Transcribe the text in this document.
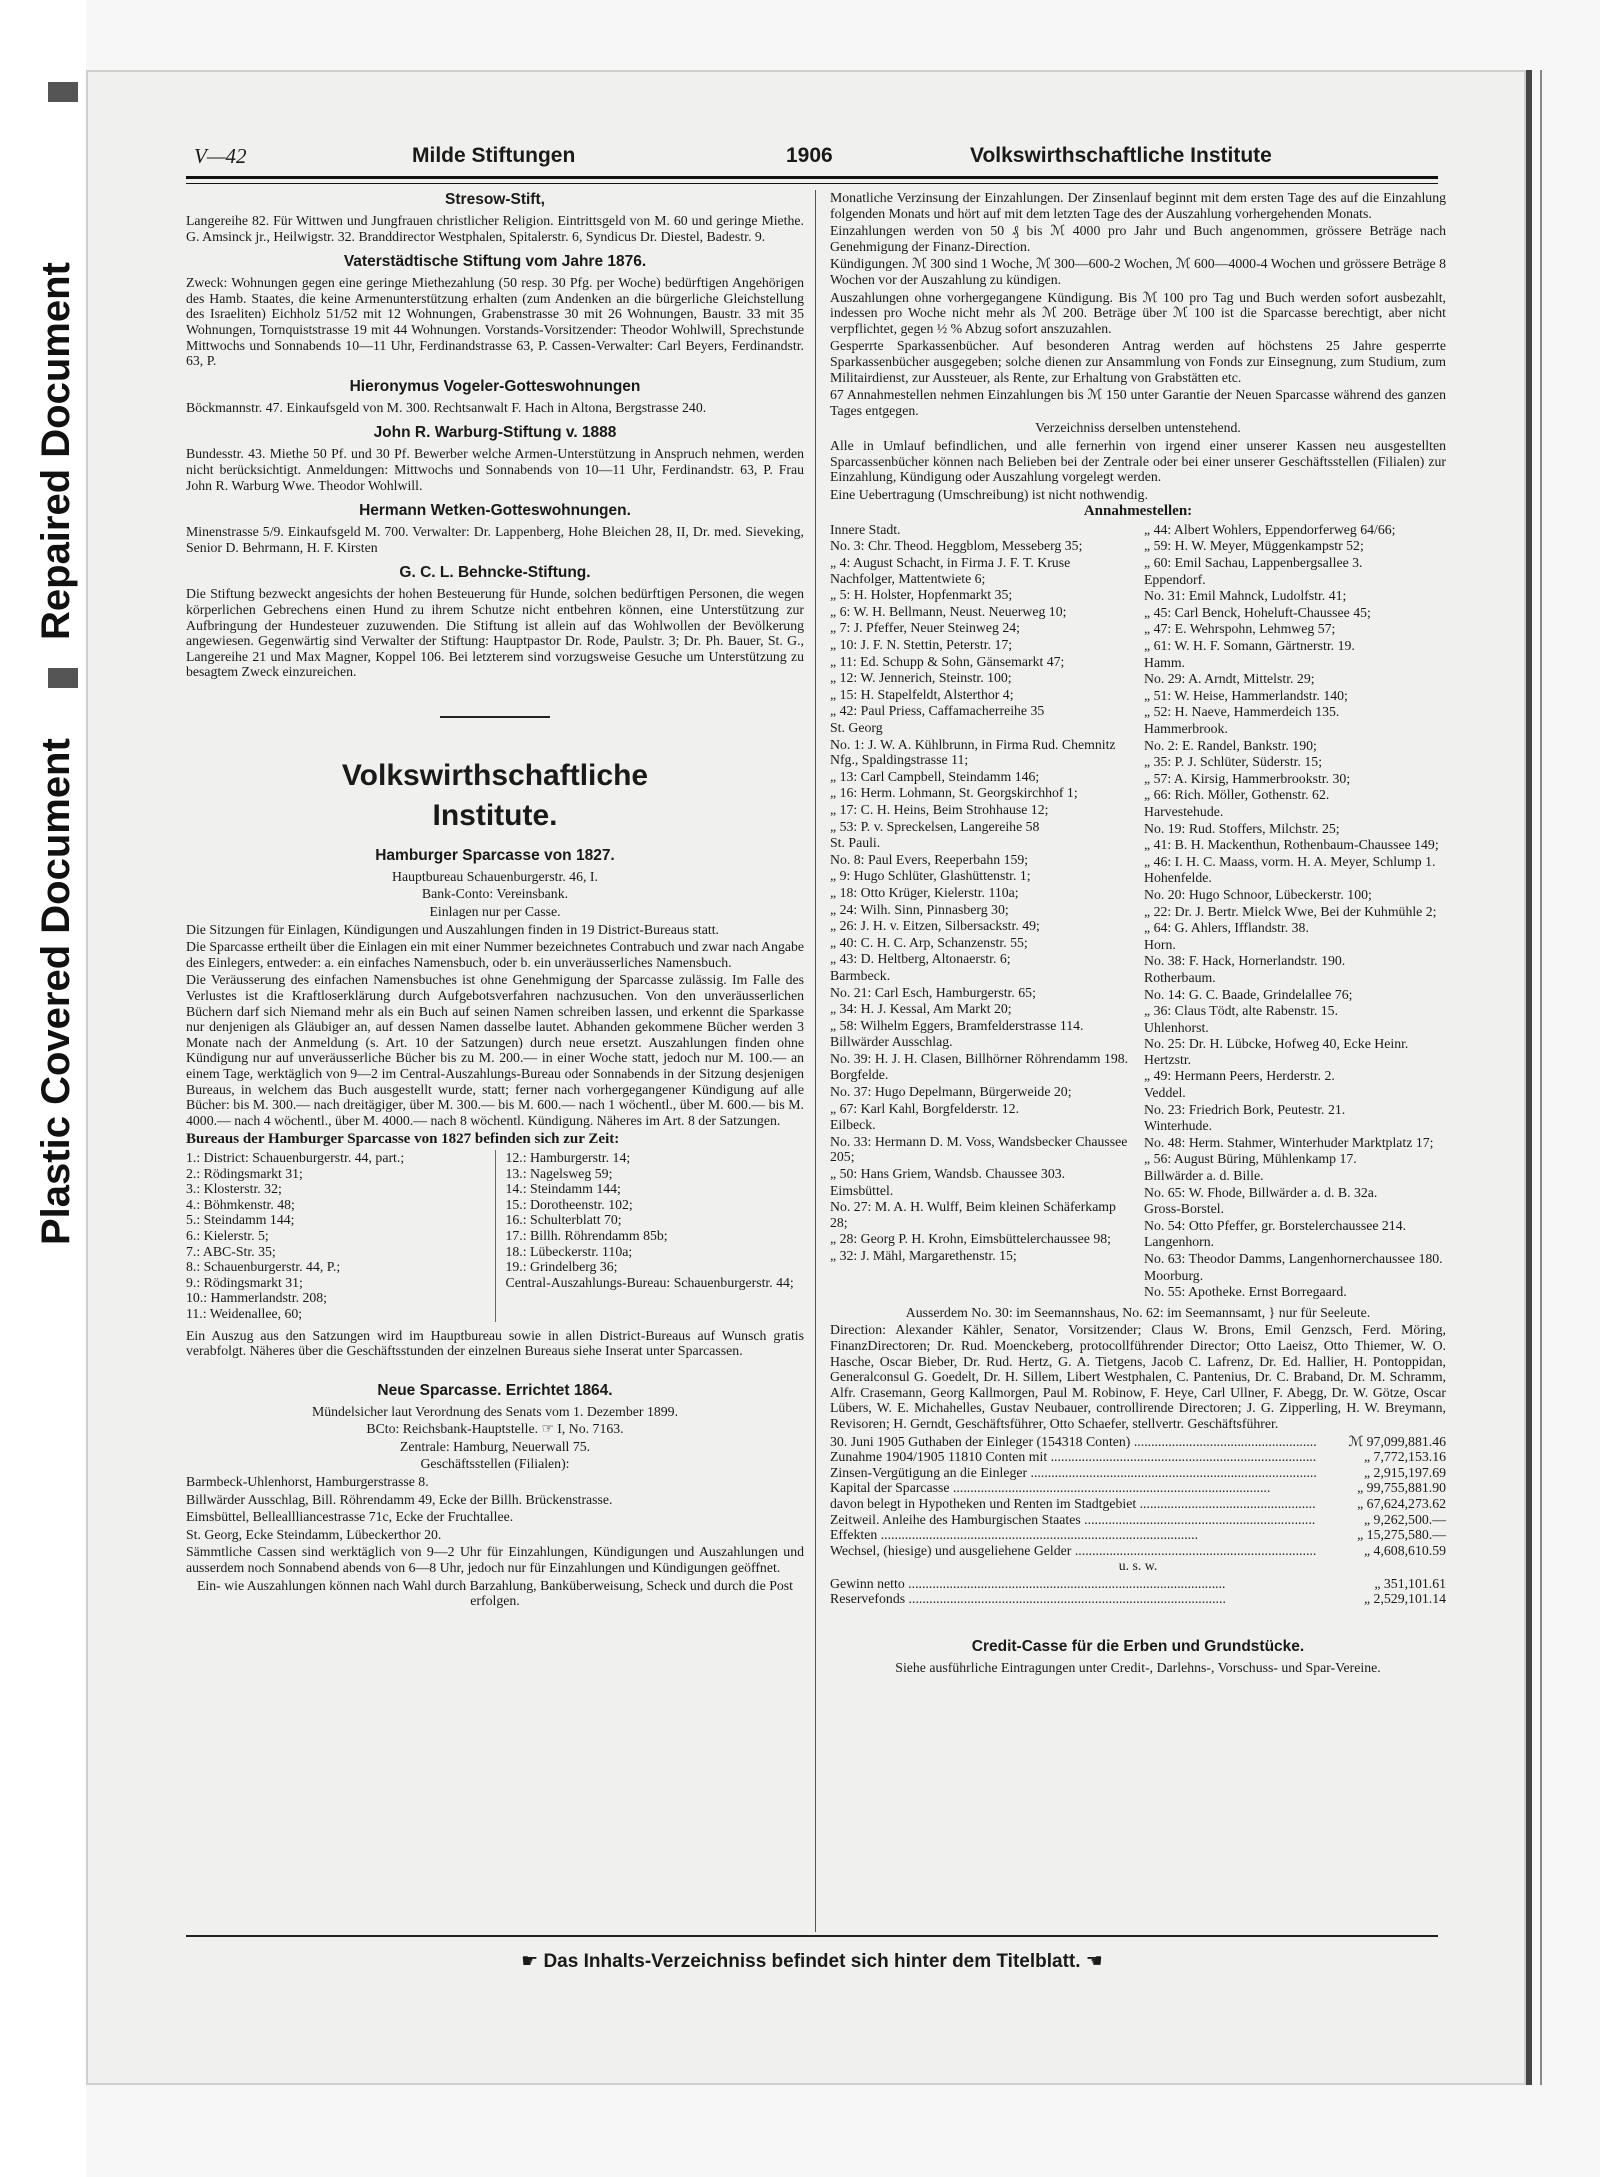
Repaired Document
Plastic Covered Document
V—42	Milde Stiftungen	1906	Volkswirthschaftliche Institute
Stresow-Stift,

Langereihe 82. Für Wittwen und Jungfrauen christlicher Religion. Eintrittsgeld von M. 60 und geringe Miethe. G. Amsinck jr., Heilwigstr. 32. Branddirector Westphalen, Spitalerstr. 6, Syndicus Dr. Diestel, Badestr. 9.

Vaterstädtische Stiftung vom Jahre 1876.

Zweck: Wohnungen gegen eine geringe Miethezahlung (50 resp. 30 Pfg. per Woche) bedürftigen Angehörigen des Hamb. Staates, die keine Armenunterstützung erhalten (zum Andenken an die bürgerliche Gleichstellung des Israeliten) Eichholz 51/52 mit 12 Wohnungen, Grabenstrasse 30 mit 26 Wohnungen, Baustr. 33 mit 35 Wohnungen, Tornquiststrasse 19 mit 44 Wohnungen. Vorstands-Vorsitzender: Theodor Wohlwill, Sprechstunde Mittwochs und Sonnabends 10—11 Uhr, Ferdinandstrasse 63, P. Cassen-Verwalter: Carl Beyers, Ferdinandstr. 63, P.

Hieronymus Vogeler-Gotteswohnungen

Böckmannstr. 47. Einkaufsgeld von M. 300. Rechtsanwalt F. Hach in Altona, Bergstrasse 240.

John R. Warburg-Stiftung v. 1888

Bundesstr. 43. Miethe 50 Pf. und 30 Pf. Bewerber welche Armen-Unterstützung in Anspruch nehmen, werden nicht berücksichtigt. Anmeldungen: Mittwochs und Sonnabends von 10—11 Uhr, Ferdinandstr. 63, P. Frau John R. Warburg Wwe. Theodor Wohlwill.

Hermann Wetken-Gotteswohnungen.

Minenstrasse 5/9. Einkaufsgeld M. 700. Verwalter: Dr. Lappenberg, Hohe Bleichen 28, II, Dr. med. Sieveking, Senior D. Behrmann, H. F. Kirsten

G. C. L. Behncke-Stiftung.

Die Stiftung bezweckt angesichts der hohen Besteuerung für Hunde, solchen bedürftigen Personen, die wegen körperlichen Gebrechens einen Hund zu ihrem Schutze nicht entbehren können, eine Unterstützung zur Aufbringung der Hundesteuer zuzuwenden. Die Stiftung ist allein auf das Wohlwollen der Bevölkerung angewiesen. Gegenwärtig sind Verwalter der Stiftung: Hauptpastor Dr. Rode, Paulstr. 3; Dr. Ph. Bauer, St. G., Langereihe 21 und Max Magner, Koppel 106. Bei letzterem sind vorzugsweise Gesuche um Unterstützung zu besagtem Zweck einzureichen.

Volkswirthschaftliche
Institute.
Hamburger Sparcasse von 1827.

Hauptbureau Schauenburgerstr. 46, I.

Bank-Conto: Vereinsbank.

Einlagen nur per Casse.

Die Sitzungen für Einlagen, Kündigungen und Auszahlungen finden in 19 District-Bureaus statt.

Die Sparcasse ertheilt über die Einlagen ein mit einer Nummer bezeichnetes Contrabuch und zwar nach Angabe des Einlegers, entweder: a. ein einfaches Namensbuch, oder b. ein unveräusserliches Namensbuch.

Die Veräusserung des einfachen Namensbuches ist ohne Genehmigung der Sparcasse zulässig. Im Falle des Verlustes ist die Kraftloserklärung durch Aufgebotsverfahren nachzusuchen. Von den unveräusserlichen Büchern darf sich Niemand mehr als ein Buch auf seinen Namen schreiben lassen, und erkennt die Sparkasse nur denjenigen als Gläubiger an, auf dessen Namen dasselbe lautet. Abhanden gekommene Bücher werden 3 Monate nach der Anmeldung (s. Art. 10 der Satzungen) durch neue ersetzt. Auszahlungen finden ohne Kündigung nur auf unveräusserliche Bücher bis zu M. 200.— in einer Woche statt, jedoch nur M. 100.— an einem Tage, werktäglich von 9—2 im Central-Auszahlungs-Bureau oder Sonnabends in der Sitzung desjenigen Bureaus, in welchem das Buch ausgestellt wurde, statt; ferner nach vorhergegangener Kündigung auf alle Bücher: bis M. 300.— nach dreitägiger, über M. 300.— bis M. 600.— nach 1 wöchentl., über M. 600.— bis M. 4000.— nach 4 wöchentl., über M. 4000.— nach 8 wöchentl. Kündigung. Näheres im Art. 8 der Satzungen.

Bureaus der Hamburger Sparcasse von 1827 befinden sich zur Zeit:

1.: District: Schauenburgerstr. 44, part.;
2.: Rödingsmarkt 31;
3.: Klosterstr. 32;
4.: Böhmkenstr. 48;
5.: Steindamm 144;
6.: Kielerstr. 5;
7.: ABC-Str. 35;
8.: Schauenburgerstr. 44, P.;
9.: Rödingsmarkt 31;
10.: Hammerlandstr. 208;
11.: Weidenallee, 60;
12.: Hamburgerstr. 14;
13.: Nagelsweg 59;
14.: Steindamm 144;
15.: Dorotheenstr. 102;
16.: Schulterblatt 70;
17.: Billh. Röhrendamm 85b;
18.: Lübeckerstr. 110a;
19.: Grindelberg 36;
Central-Auszahlungs-Bureau: Schauenburgerstr. 44;

Ein Auszug aus den Satzungen wird im Hauptbureau sowie in allen District-Bureaus auf Wunsch gratis verabfolgt. Näheres über die Geschäftsstunden der einzelnen Bureaus siehe Inserat unter Sparcassen.

Neue Sparcasse. Errichtet 1864.

Mündelsicher laut Verordnung des Senats vom 1. Dezember 1899.

BCto: Reichsbank-Hauptstelle. ☞ I, No. 7163.

Zentrale: Hamburg, Neuerwall 75.

Geschäftsstellen (Filialen):

Barmbeck-Uhlenhorst, Hamburgerstrasse 8.

Billwärder Ausschlag, Bill. Röhrendamm 49, Ecke der Billh. Brückenstrasse.

Eimsbüttel, Belleallliancestrasse 71c, Ecke der Fruchtallee.

St. Georg, Ecke Steindamm, Lübeckerthor 20.

Sämmtliche Cassen sind werktäglich von 9—2 Uhr für Einzahlungen, Kündigungen und Auszahlungen und ausserdem noch Sonnabend abends von 6—8 Uhr, jedoch nur für Einzahlungen und Kündigungen geöffnet.

Ein- wie Auszahlungen können nach Wahl durch Barzahlung, Banküberweisung, Scheck und durch die Post erfolgen.

Monatliche Verzinsung der Einzahlungen. Der Zinsenlauf beginnt mit dem ersten Tage des auf die Einzahlung folgenden Monats und hört auf mit dem letzten Tage des der Auszahlung vorhergehenden Monats.

Einzahlungen werden von 50 ₰ bis ℳ 4000 pro Jahr und Buch angenommen, grössere Beträge nach Genehmigung der Finanz-Direction.

Kündigungen. ℳ 300 sind 1 Woche, ℳ 300—600-2 Wochen, ℳ 600—4000-4 Wochen und grössere Beträge 8 Wochen vor der Auszahlung zu kündigen.

Auszahlungen ohne vorhergegangene Kündigung. Bis ℳ 100 pro Tag und Buch werden sofort ausbezahlt, indessen pro Woche nicht mehr als ℳ 200. Beträge über ℳ 100 ist die Sparcasse berechtigt, aber nicht verpflichtet, gegen ½ % Abzug sofort anszuzahlen.

Gesperrte Sparkassenbücher. Auf besonderen Antrag werden auf höchstens 25 Jahre gesperrte Sparkassenbücher ausgegeben; solche dienen zur Ansammlung von Fonds zur Einsegnung, zum Studium, zum Militairdienst, zur Aussteuer, als Rente, zur Erhaltung von Grabstätten etc.

67 Annahmestellen nehmen Einzahlungen bis ℳ 150 unter Garantie der Neuen Sparcasse während des ganzen Tages entgegen.

Verzeichniss derselben untenstehend.

Alle in Umlauf befindlichen, und alle fernerhin von irgend einer unserer Kassen neu ausgestellten Sparcassenbücher können nach Belieben bei der Zentrale oder bei einer unserer Geschäftsstellen (Filialen) zur Einzahlung, Kündigung oder Auszahlung vorgelegt werden.

Eine Uebertragung (Umschreibung) ist nicht nothwendig.

Annahmestellen:

Innere Stadt.
No. 3: Chr. Theod. Heggblom, Messeberg 35;
„ 4: August Schacht, in Firma J. F. T. Kruse Nachfolger, Mattentwiete 6;
„ 5: H. Holster, Hopfenmarkt 35;
„ 6: W. H. Bellmann, Neust. Neuerweg 10;
„ 7: J. Pfeffer, Neuer Steinweg 24;
„ 10: J. F. N. Stettin, Peterstr. 17;
„ 11: Ed. Schupp & Sohn, Gänsemarkt 47;
„ 12: W. Jennerich, Steinstr. 100;
„ 15: H. Stapelfeldt, Alsterthor 4;
„ 42: Paul Priess, Caffamacherreihe 35
St. Georg
No. 1: J. W. A. Kühlbrunn, in Firma Rud. Chemnitz Nfg., Spaldingstrasse 11;
„ 13: Carl Campbell, Steindamm 146;
„ 16: Herm. Lohmann, St. Georgskirchhof 1;
„ 17: C. H. Heins, Beim Strohhause 12;
„ 53: P. v. Spreckelsen, Langereihe 58
St. Pauli.
No. 8: Paul Evers, Reeperbahn 159;
„ 9: Hugo Schlüter, Glashüttenstr. 1;
„ 18: Otto Krüger, Kielerstr. 110a;
„ 24: Wilh. Sinn, Pinnasberg 30;
„ 26: J. H. v. Eitzen, Silbersackstr. 49;
„ 40: C. H. C. Arp, Schanzenstr. 55;
„ 43: D. Heltberg, Altonaerstr. 6;
Barmbeck.
No. 21: Carl Esch, Hamburgerstr. 65;
„ 34: H. J. Kessal, Am Markt 20;
„ 58: Wilhelm Eggers, Bramfelderstrasse 114.
Billwärder Ausschlag.
No. 39: H. J. H. Clasen, Billhörner Röhrendamm 198.
Borgfelde.
No. 37: Hugo Depelmann, Bürgerweide 20;
„ 67: Karl Kahl, Borgfelderstr. 12.
Eilbeck.
No. 33: Hermann D. M. Voss, Wandsbecker Chaussee 205;
„ 50: Hans Griem, Wandsb. Chaussee 303.
Eimsbüttel.
No. 27: M. A. H. Wulff, Beim kleinen Schäferkamp 28;
„ 28: Georg P. H. Krohn, Eimsbüttelerchaussee 98;
„ 32: J. Mähl, Margarethenstr. 15;
„ 44: Albert Wohlers, Eppendorferweg 64/66;
„ 59: H. W. Meyer, Müggenkampstr 52;
„ 60: Emil Sachau, Lappenbergsallee 3.
Eppendorf.
No. 31: Emil Mahnck, Ludolfstr. 41;
„ 45: Carl Benck, Hoheluft-Chaussee 45;
„ 47: E. Wehrspohn, Lehmweg 57;
„ 61: W. H. F. Somann, Gärtnerstr. 19.
Hamm.
No. 29: A. Arndt, Mittelstr. 29;
„ 51: W. Heise, Hammerlandstr. 140;
„ 52: H. Naeve, Hammerdeich 135.
Hammerbrook.
No. 2: E. Randel, Bankstr. 190;
„ 35: P. J. Schlüter, Süderstr. 15;
„ 57: A. Kirsig, Hammerbrookstr. 30;
„ 66: Rich. Möller, Gothenstr. 62.
Harvestehude.
No. 19: Rud. Stoffers, Milchstr. 25;
„ 41: B. H. Mackenthun, Rothenbaum-Chaussee 149;
„ 46: I. H. C. Maass, vorm. H. A. Meyer, Schlump 1.
Hohenfelde.
No. 20: Hugo Schnoor, Lübeckerstr. 100;
„ 22: Dr. J. Bertr. Mielck Wwe, Bei der Kuhmühle 2;
„ 64: G. Ahlers, Ifflandstr. 38.
Horn.
No. 38: F. Hack, Hornerlandstr. 190.
Rotherbaum.
No. 14: G. C. Baade, Grindelallee 76;
„ 36: Claus Tödt, alte Rabenstr. 15.
Uhlenhorst.
No. 25: Dr. H. Lübcke, Hofweg 40, Ecke Heinr. Hertzstr.
„ 49: Hermann Peers, Herderstr. 2.
Veddel.
No. 23: Friedrich Bork, Peutestr. 21.
Winterhude.
No. 48: Herm. Stahmer, Winterhuder Marktplatz 17;
„ 56: August Büring, Mühlenkamp 17.
Billwärder a. d. Bille.
No. 65: W. Fhode, Billwärder a. d. B. 32a.
Gross-Borstel.
No. 54: Otto Pfeffer, gr. Borstelerchaussee 214.
Langenhorn.
No. 63: Theodor Damms, Langenhornerchaussee 180.
Moorburg.
No. 55: Apotheke. Ernst Borregaard.

Ausserdem No. 30: im Seemannshaus, No. 62: im Seemannsamt, } nur für Seeleute.

Direction: Alexander Kähler, Senator, Vorsitzender; Claus W. Brons, Emil Genzsch, Ferd. Möring, FinanzDirectoren; Dr. Rud. Moenckeberg, protocollführender Director; Otto Laeisz, Otto Thiemer, W. O. Hasche, Oscar Bieber, Dr. Rud. Hertz, G. A. Tietgens, Jacob C. Lafrenz, Dr. Ed. Hallier, H. Pontoppidan, Generalconsul G. Goedelt, Dr. H. Sillem, Libert Westphalen, C. Pantenius, Dr. C. Braband, Dr. M. Schramm, Alfr. Crasemann, Georg Kallmorgen, Paul M. Robinow, F. Heye, Carl Ullner, F. Abegg, Dr. W. Götze, Oscar Lübers, W. E. Michahelles, Gustav Neubauer, controllirende Directoren; J. G. Zipperling, H. W. Breymann, Revisoren; H. Gerndt, Geschäftsführer, Otto Schaefer, stellvertr. Geschäftsführer.

30. Juni 1905 Guthaben der Einleger (154318 Conten) .....	ℳ 97,099,881.46
Zunahme 1904/1905 11810 Conten mit .....	„ 7,772,153.16
Zinsen-Vergütigung an die Einleger .....	„ 2,915,197.69
Kapital der Sparcasse .....	„ 99,755,881.90
davon belegt in Hypotheken und Renten im Stadtgebiet .....	„ 67,624,273.62
Zeitweil. Anleihe des Hamburgischen Staates .....	„ 9,262,500.—
Effekten .....	„ 15,275,580.—
Wechsel, (hiesige) und ausgeliehene Gelder .....	„ 4,608,610.59

u. s. w.

Gewinn netto .....	„ 351,101.61
Reservefonds .....	„ 2,529,101.14
Credit-Casse für die Erben und Grundstücke.

Siehe ausführliche Eintragungen unter Credit-, Darlehns-, Vorschuss- und Spar-Vereine.

☛ Das Inhalts-Verzeichniss befindet sich hinter dem Titelblatt. ☚
